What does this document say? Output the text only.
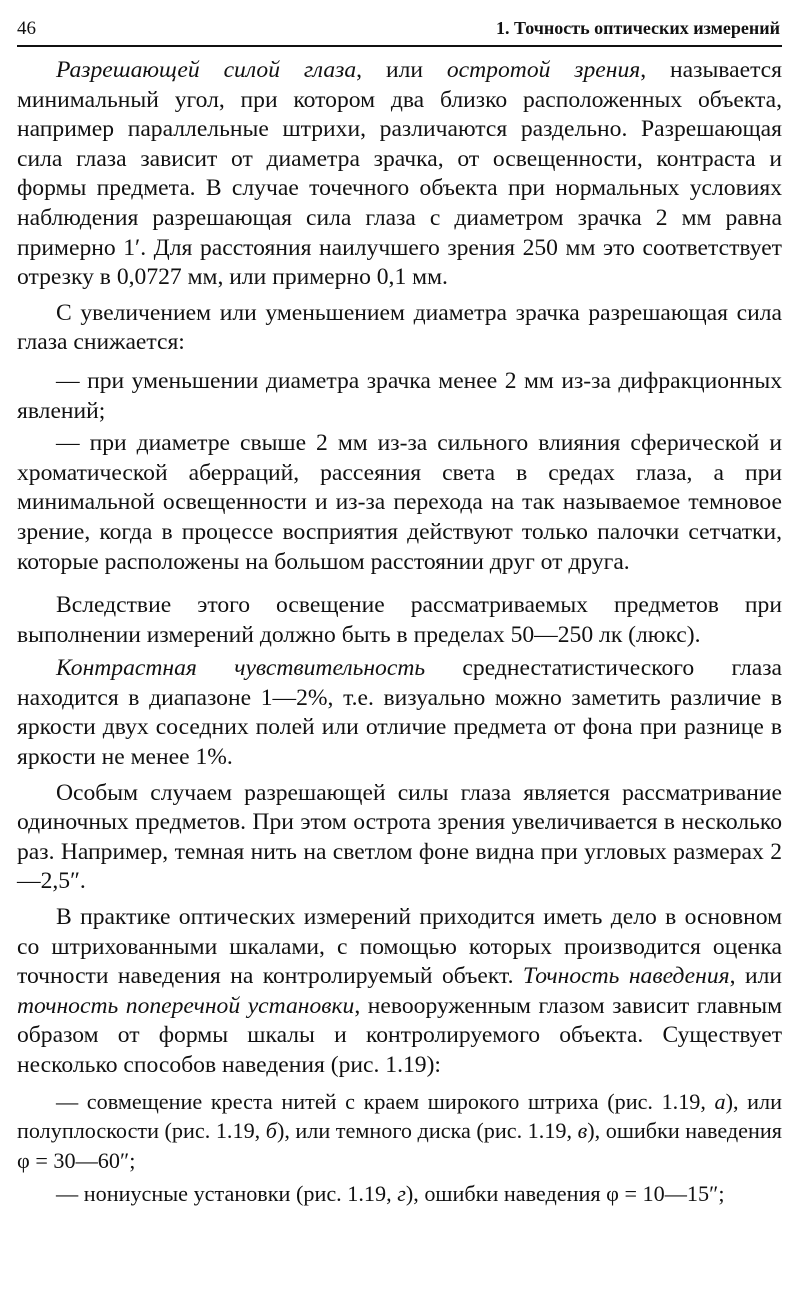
46	1. Точность оптических измерений

Разрешающей силой глаза, или остротой зрения, называется минимальный угол, при котором два близко расположенных объекта, например параллельные штрихи, различаются раздельно. Разрешающая сила глаза зависит от диаметра зрачка, от освещенности, контраста и формы предмета. В случае точечного объекта при нормальных условиях наблюдения разрешающая сила глаза с диаметром зрачка 2 мм равна примерно 1′. Для расстояния наилучшего зрения 250 мм это соответствует отрезку в 0,0727 мм, или примерно 0,1 мм.

С увеличением или уменьшением диаметра зрачка разрешающая сила глаза снижается:

— при уменьшении диаметра зрачка менее 2 мм из-за дифракционных явлений;

— при диаметре свыше 2 мм из-за сильного влияния сферической и хроматической аберраций, рассеяния света в средах глаза, а при минимальной освещенности и из-за перехода на так называемое темновое зрение, когда в процессе восприятия действуют только палочки сетчатки, которые расположены на большом расстоянии друг от друга.

Вследствие этого освещение рассматриваемых предметов при выполнении измерений должно быть в пределах 50—250 лк (люкс).

Контрастная чувствительность среднестатистического глаза находится в диапазоне 1—2%, т.е. визуально можно заметить различие в яркости двух соседних полей или отличие предмета от фона при разнице в яркости не менее 1%.

Особым случаем разрешающей силы глаза является рассматривание одиночных предметов. При этом острота зрения увеличивается в несколько раз. Например, темная нить на светлом фоне видна при угловых размерах 2—2,5″.

В практике оптических измерений приходится иметь дело в основном со штрихованными шкалами, с помощью которых производится оценка точности наведения на контролируемый объект. Точность наведения, или точность поперечной установки, невооруженным глазом зависит главным образом от формы шкалы и контролируемого объекта. Существует несколько способов наведения (рис. 1.19):

— совмещение креста нитей с краем широкого штриха (рис. 1.19, а), или полуплоскости (рис. 1.19, б), или темного диска (рис. 1.19, в), ошибки наведения φ = 30—60″;

— нониусные установки (рис. 1.19, г), ошибки наведения φ = 10—15″;
